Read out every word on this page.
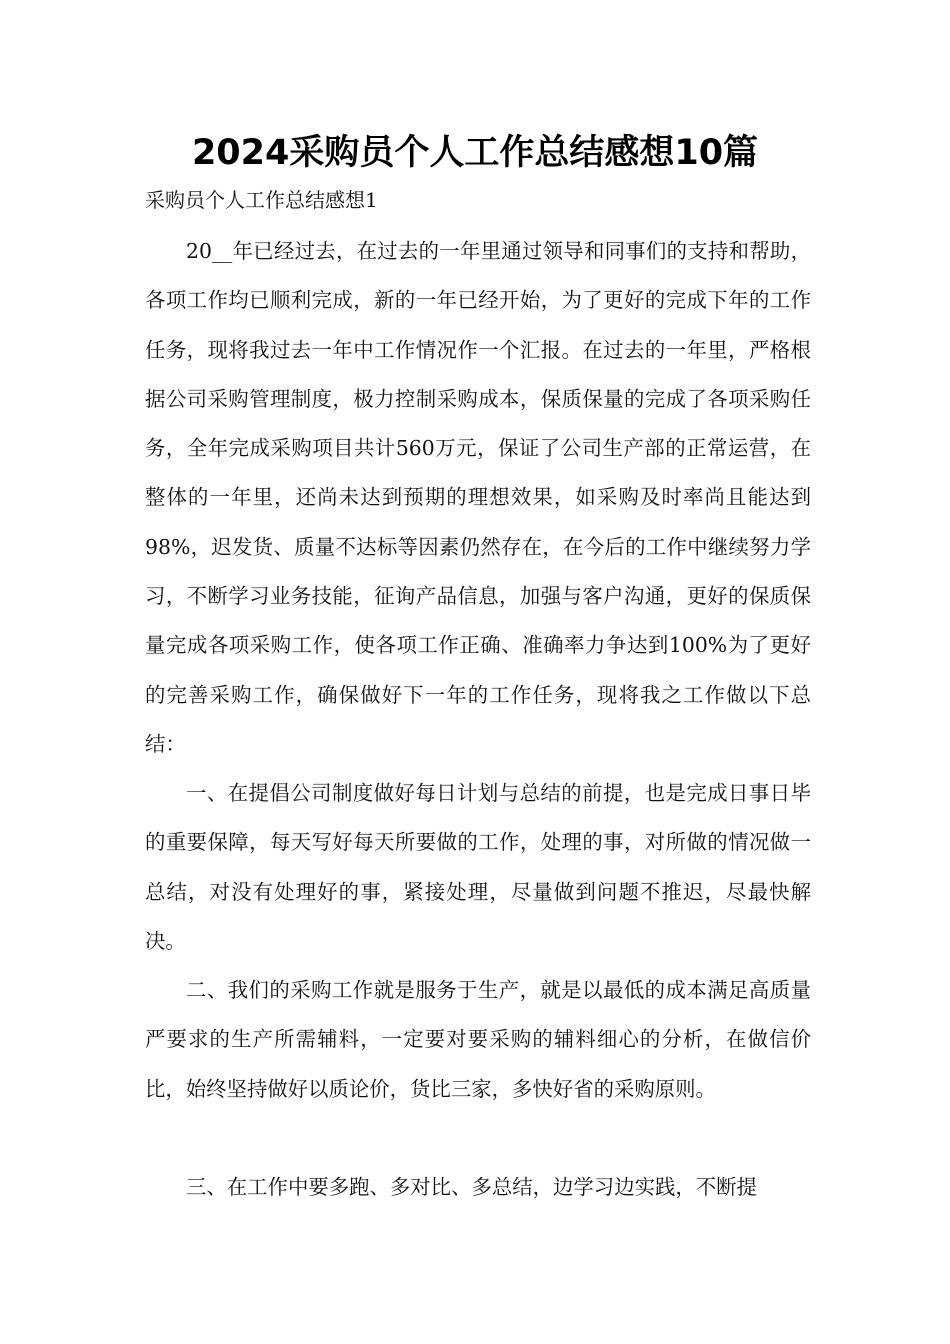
2024采购员个人工作总结感想10篇

采购员个人工作总结感想1

20__年已经过去，在过去的一年里通过领导和同事们的支持和帮助，各项工作均已顺利完成，新的一年已经开始，为了更好的完成下年的工作任务，现将我过去一年中工作情况作一个汇报。在过去的一年里，严格根据公司采购管理制度，极力控制采购成本，保质保量的完成了各项采购任务，全年完成采购项目共计560万元，保证了公司生产部的正常运营，在整体的一年里，还尚未达到预期的理想效果，如采购及时率尚且能达到98%，迟发货、质量不达标等因素仍然存在，在今后的工作中继续努力学习，不断学习业务技能，征询产品信息，加强与客户沟通，更好的保质保量完成各项采购工作，使各项工作正确、准确率力争达到100%为了更好的完善采购工作，确保做好下一年的工作任务，现将我之工作做以下总结：

一、在提倡公司制度做好每日计划与总结的前提，也是完成日事日毕的重要保障，每天写好每天所要做的工作，处理的事，对所做的情况做一总结，对没有处理好的事，紧接处理，尽量做到问题不推迟，尽最快解决。

二、我们的采购工作就是服务于生产，就是以最低的成本满足高质量严要求的生产所需辅料，一定要对要采购的辅料细心的分析，在做信价比，始终坚持做好以质论价，货比三家，多快好省的采购原则。

三、在工作中要多跑、多对比、多总结，边学习边实践，不断提
